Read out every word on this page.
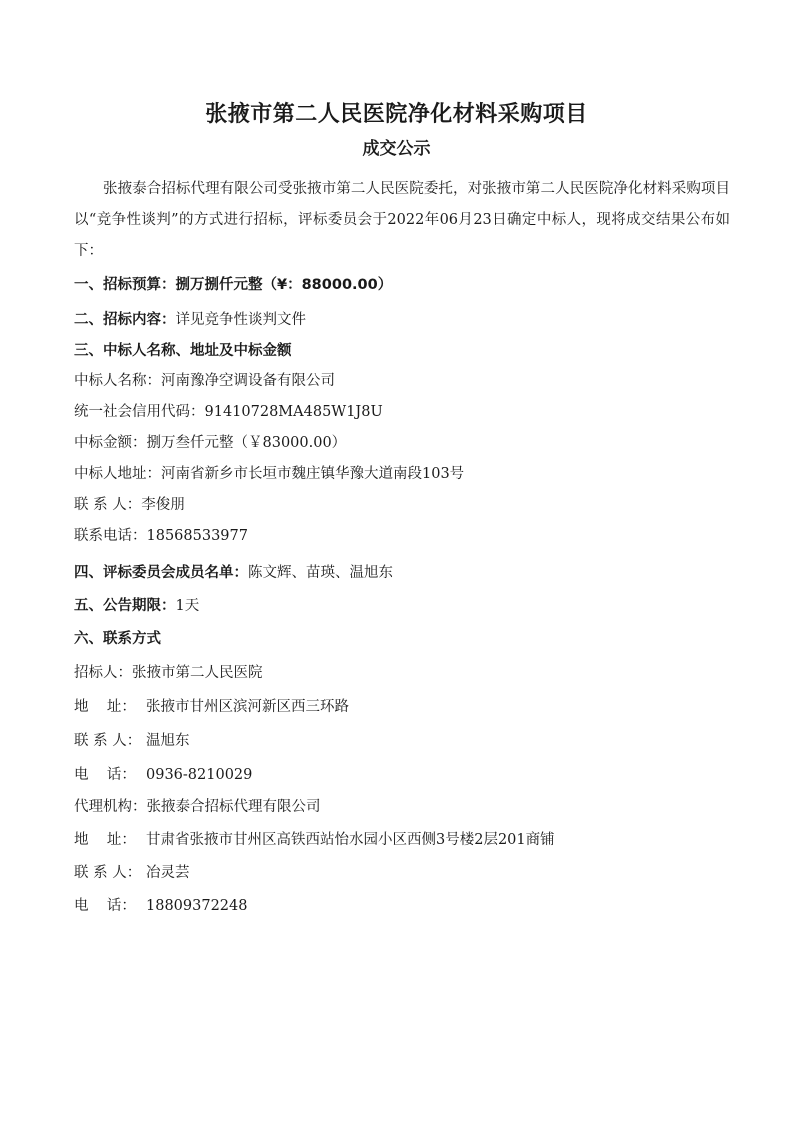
张掖市第二人民医院净化材料采购项目
成交公示

张掖泰合招标代理有限公司受张掖市第二人民医院委托，对张掖市第二人民医院净化材料采购项目以“竞争性谈判”的方式进行招标，评标委员会于2022年06月23日确定中标人，现将成交结果公布如下：

一、招标预算：捌万捌仟元整（¥：88000.00）
二、招标内容：详见竞争性谈判文件
三、中标人名称、地址及中标金额
中标人名称：河南豫净空调设备有限公司
统一社会信用代码：91410728MA485W1J8U
中标金额：捌万叁仟元整（￥83000.00）
中标人地址：河南省新乡市长垣市魏庄镇华豫大道南段103号
联 系 人：李俊朋
联系电话：18568533977
四、评标委员会成员名单：陈文辉、苗瑛、温旭东
五、公告期限：1天
六、联系方式
招标人：张掖市第二人民医院
地    址： 张掖市甘州区滨河新区西三环路
联 系 人： 温旭东
电    话： 0936-8210029
代理机构：张掖泰合招标代理有限公司
地    址： 甘肃省张掖市甘州区高铁西站怡水园小区西侧3号楼2层201商铺
联 系 人： 冶灵芸
电    话： 18809372248
